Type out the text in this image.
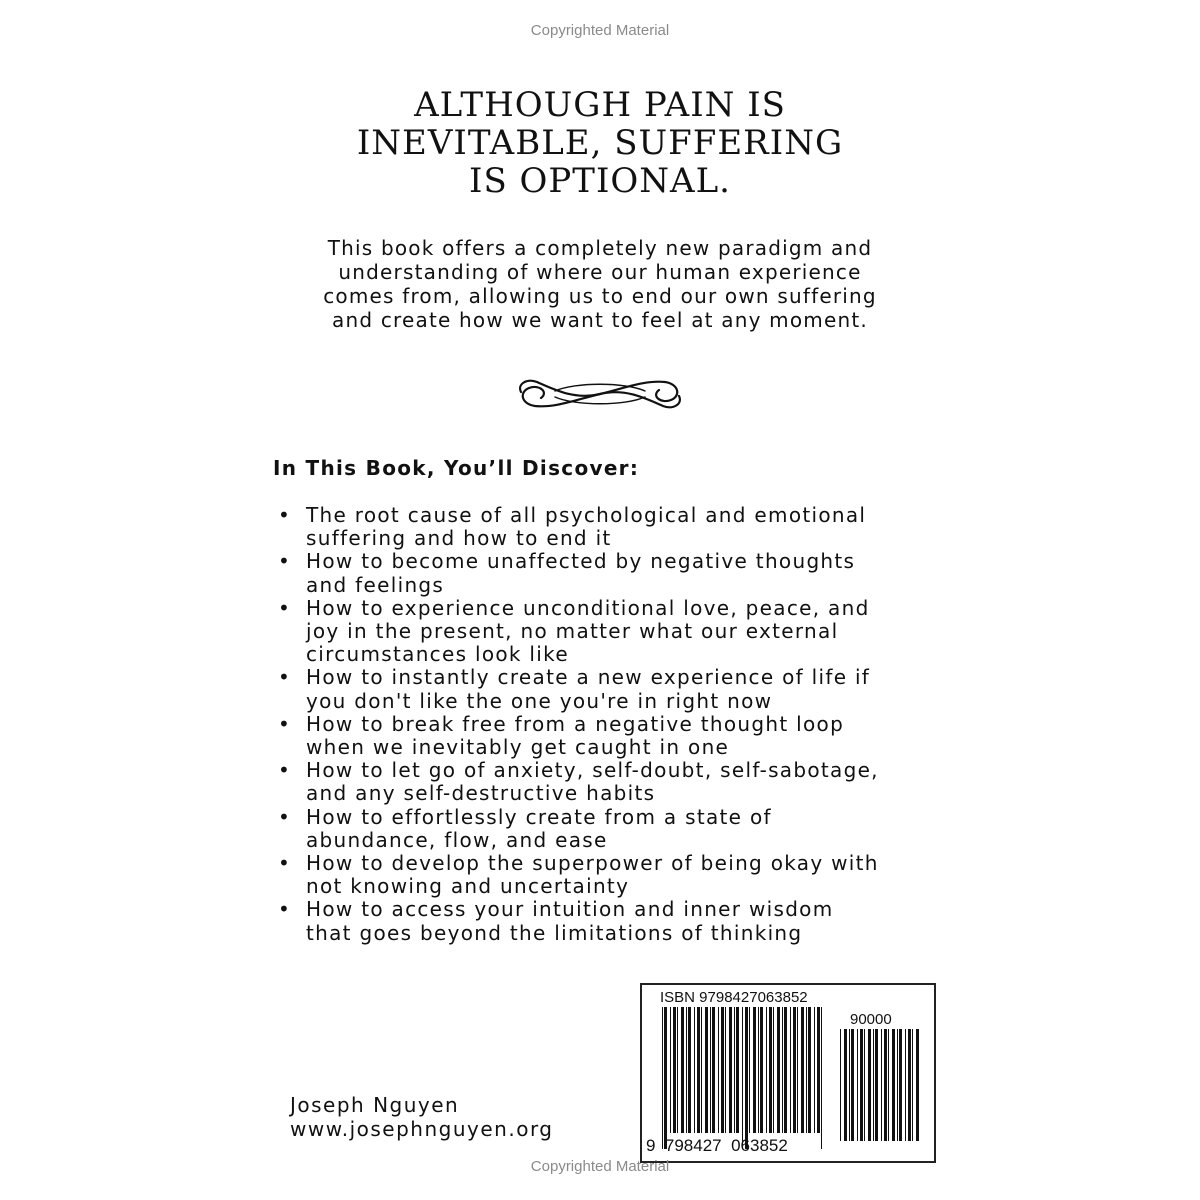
Copyrighted Material
ALTHOUGH PAIN IS
INEVITABLE, SUFFERING
IS OPTIONAL.
This book offers a completely new paradigm and
understanding of where our human experience
comes from, allowing us to end our own suffering
and create how we want to feel at any moment.
In This Book, You’ll Discover:
• The root cause of all psychological and emotional
suffering and how to end it
• How to become unaffected by negative thoughts
and feelings
• How to experience unconditional love, peace, and
joy in the present, no matter what our external
circumstances look like
• How to instantly create a new experience of life if
you don't like the one you're in right now
• How to break free from a negative thought loop
when we inevitably get caught in one
• How to let go of anxiety, self-doubt, self-sabotage,
and any self-destructive habits
• How to effortlessly create from a state of
abundance, flow, and ease
• How to develop the superpower of being okay with
not knowing and uncertainty
• How to access your intuition and inner wisdom
that goes beyond the limitations of thinking
Joseph Nguyen
www.josephnguyen.org
ISBN 9798427063852
90000
9  798427  063852
Copyrighted Material
